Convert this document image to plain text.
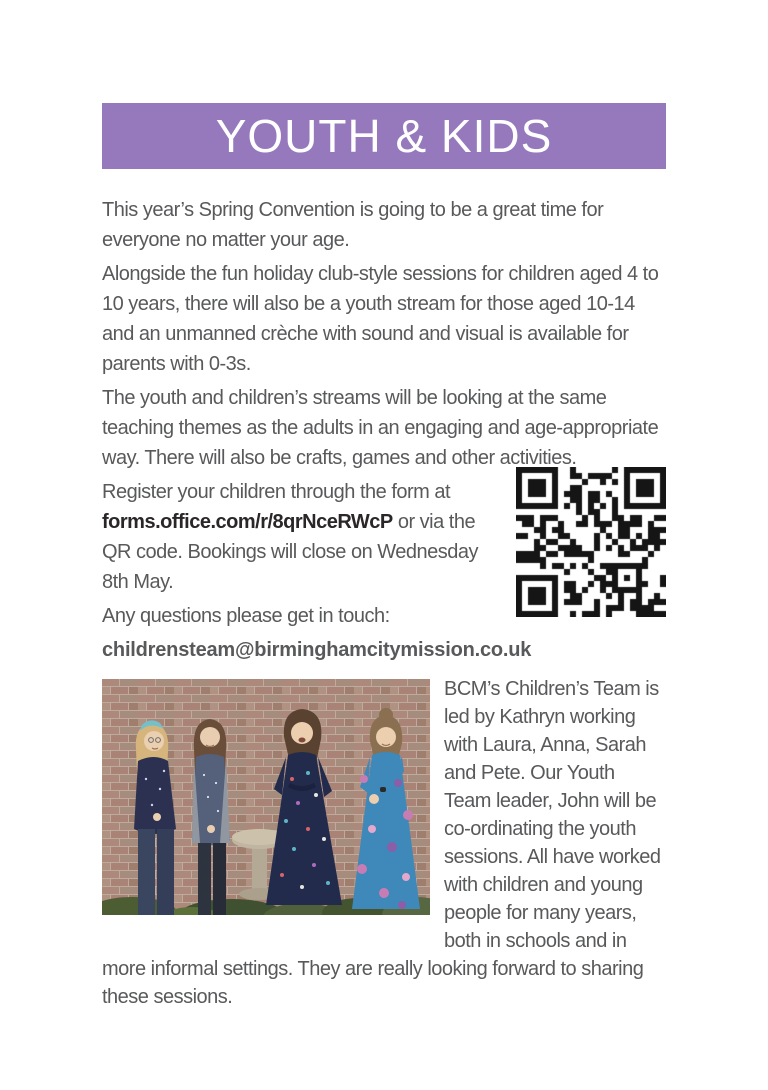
YOUTH & KIDS

This year’s Spring Convention is going to be a great time for everyone no matter your age.

Alongside the fun holiday club-style sessions for children aged 4 to 10 years, there will also be a youth stream for those aged 10-14 and an unmanned crèche with sound and visual is available for parents with 0-3s.

The youth and children’s streams will be looking at the same teaching themes as the adults in an engaging and age-appropriate way. There will also be crafts, games and other activities.

Register your children through the form at forms.office.com/r/8qrNceRWcP or via the QR code. Bookings will close on Wednesday 8th May.

Any questions please get in touch:

childrensteam@birminghamcitymission.co.uk

BCM’s Children’s Team is led by Kathryn working with Laura, Anna, Sarah and Pete. Our Youth Team leader, John will be co-ordinating the youth sessions. All have worked with children and young people for many years, both in schools and in more informal settings. They are really looking forward to sharing these sessions.
